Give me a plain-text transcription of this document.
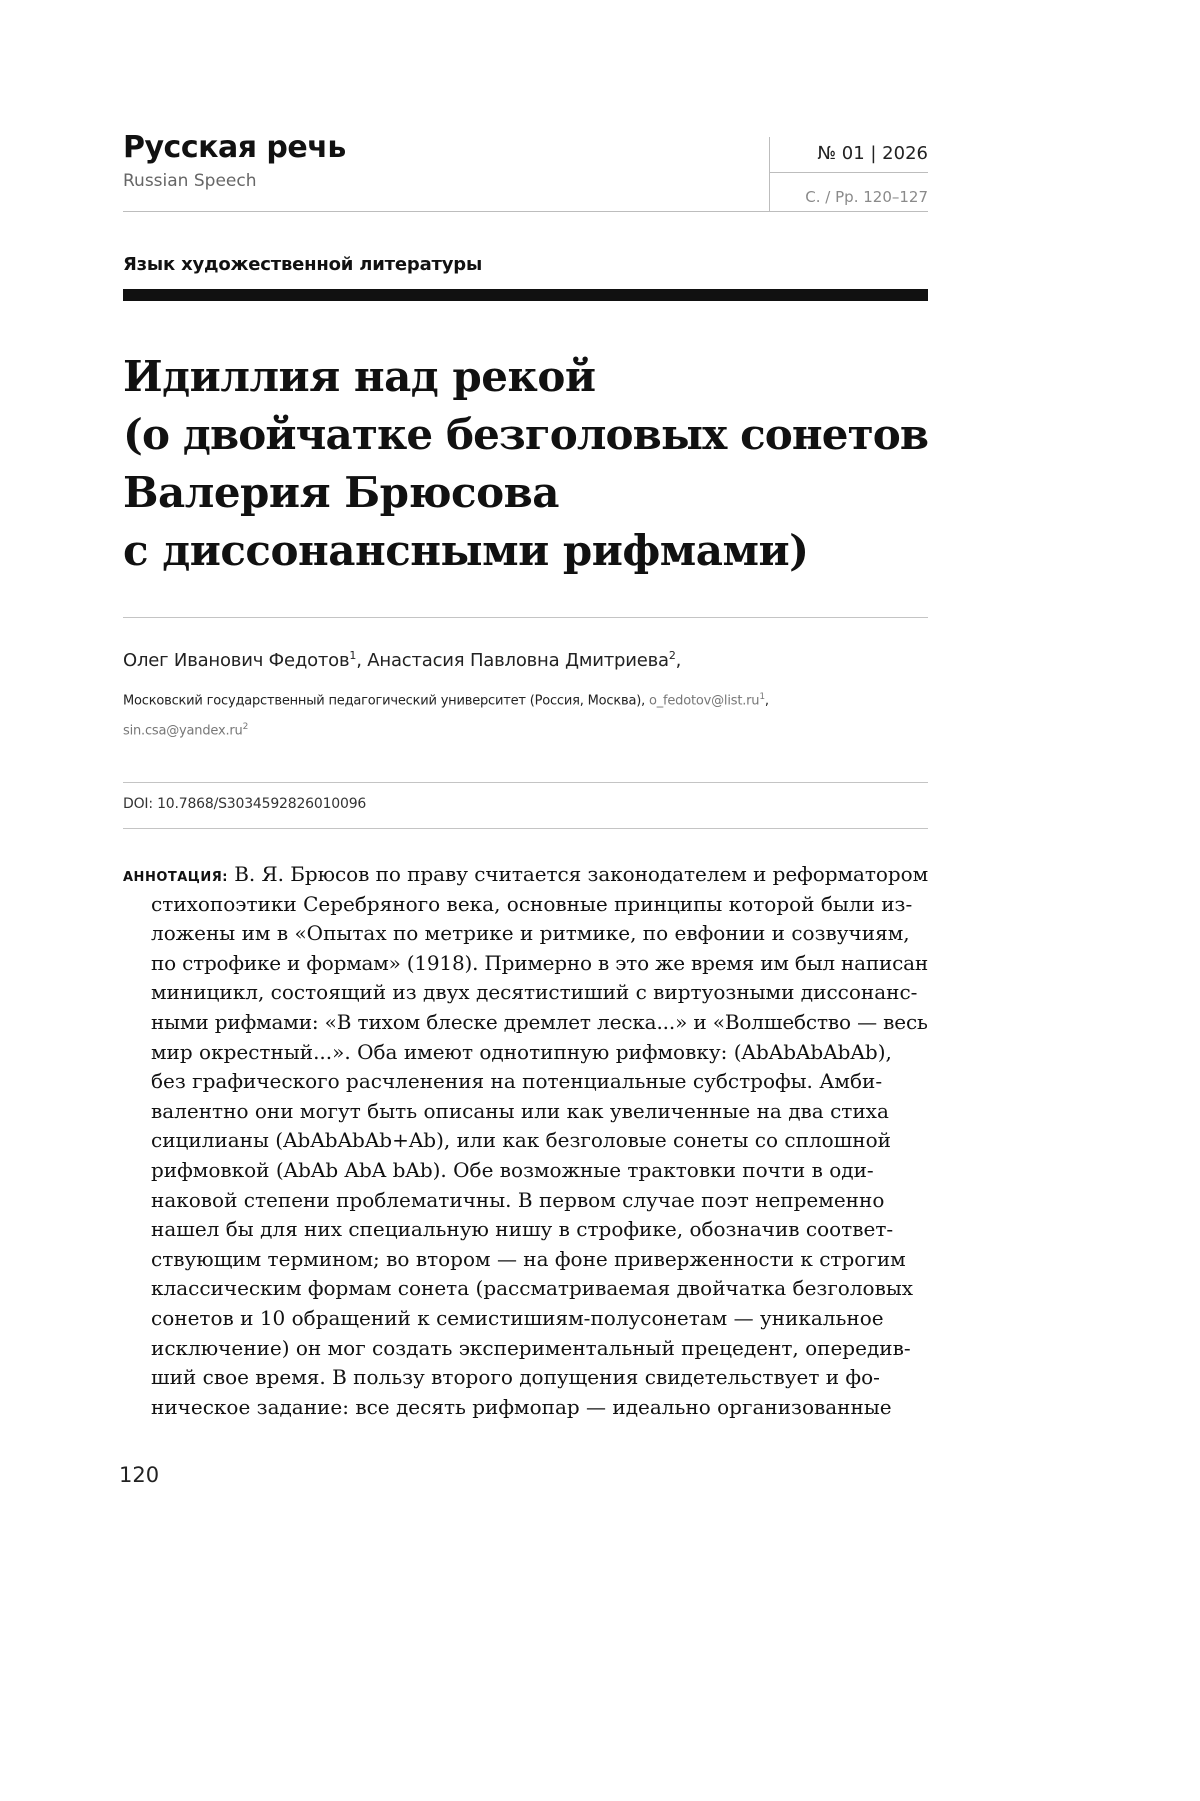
Русская речь
Russian Speech
№ 01 | 2026
С. / Pp. 120–127
Язык художественной литературы
Идиллия над рекой
(о двойчатке безголовых сонетов
Валерия Брюсова
с диссонансными рифмами)
Олег Иванович Федотов$^1$, Анастасия Павловна Дмитриева$^2$,
Московский государственный педагогический университет (Россия, Москва), $o\_fedotov@list.ru^1$,
$\sin.csa@yandex.ru^2$
DOI: 10.7868/S3034592826010096
АННОТАЦИЯ: В. Я. Брюсов по праву считается законодателем и реформатором
стихопоэтики Серебряного века, основные принципы которой были из-
ложены им в «Опытах по метрике и ритмике, по евфонии и созвучиям,
по строфике и формам» (1918). Примерно в это же время им был написан
миницикл, состоящий из двух десятистиший с виртуозными диссонанс-
ными рифмами: «В тихом блеске дремлет леска...» и «Волшебство — весь
мир окрестный...». Оба имеют однотипную рифмовку: (AbAbAbAbAb),
без графического расчленения на потенциальные субстрофы. Амби-
валентно они могут быть описаны или как увеличенные на два стиха
сицилианы (AbAbAbAb+Ab), или как безголовые сонеты со сплошной
рифмовкой (AbAb AbA bAb). Обе возможные трактовки почти в оди-
наковой степени проблематичны. В первом случае поэт непременно
нашел бы для них специальную нишу в строфике, обозначив соответ-
ствующим термином; во втором — на фоне приверженности к строгим
классическим формам сонета (рассматриваемая двойчатка безголовых
сонетов и 10 обращений к семистишиям-полусонетам — уникальное
исключение) он мог создать экспериментальный прецедент, опередив-
ший свое время. В пользу второго допущения свидетельствует и фо-
ническое задание: все десять рифмопар — идеально организованные
120
